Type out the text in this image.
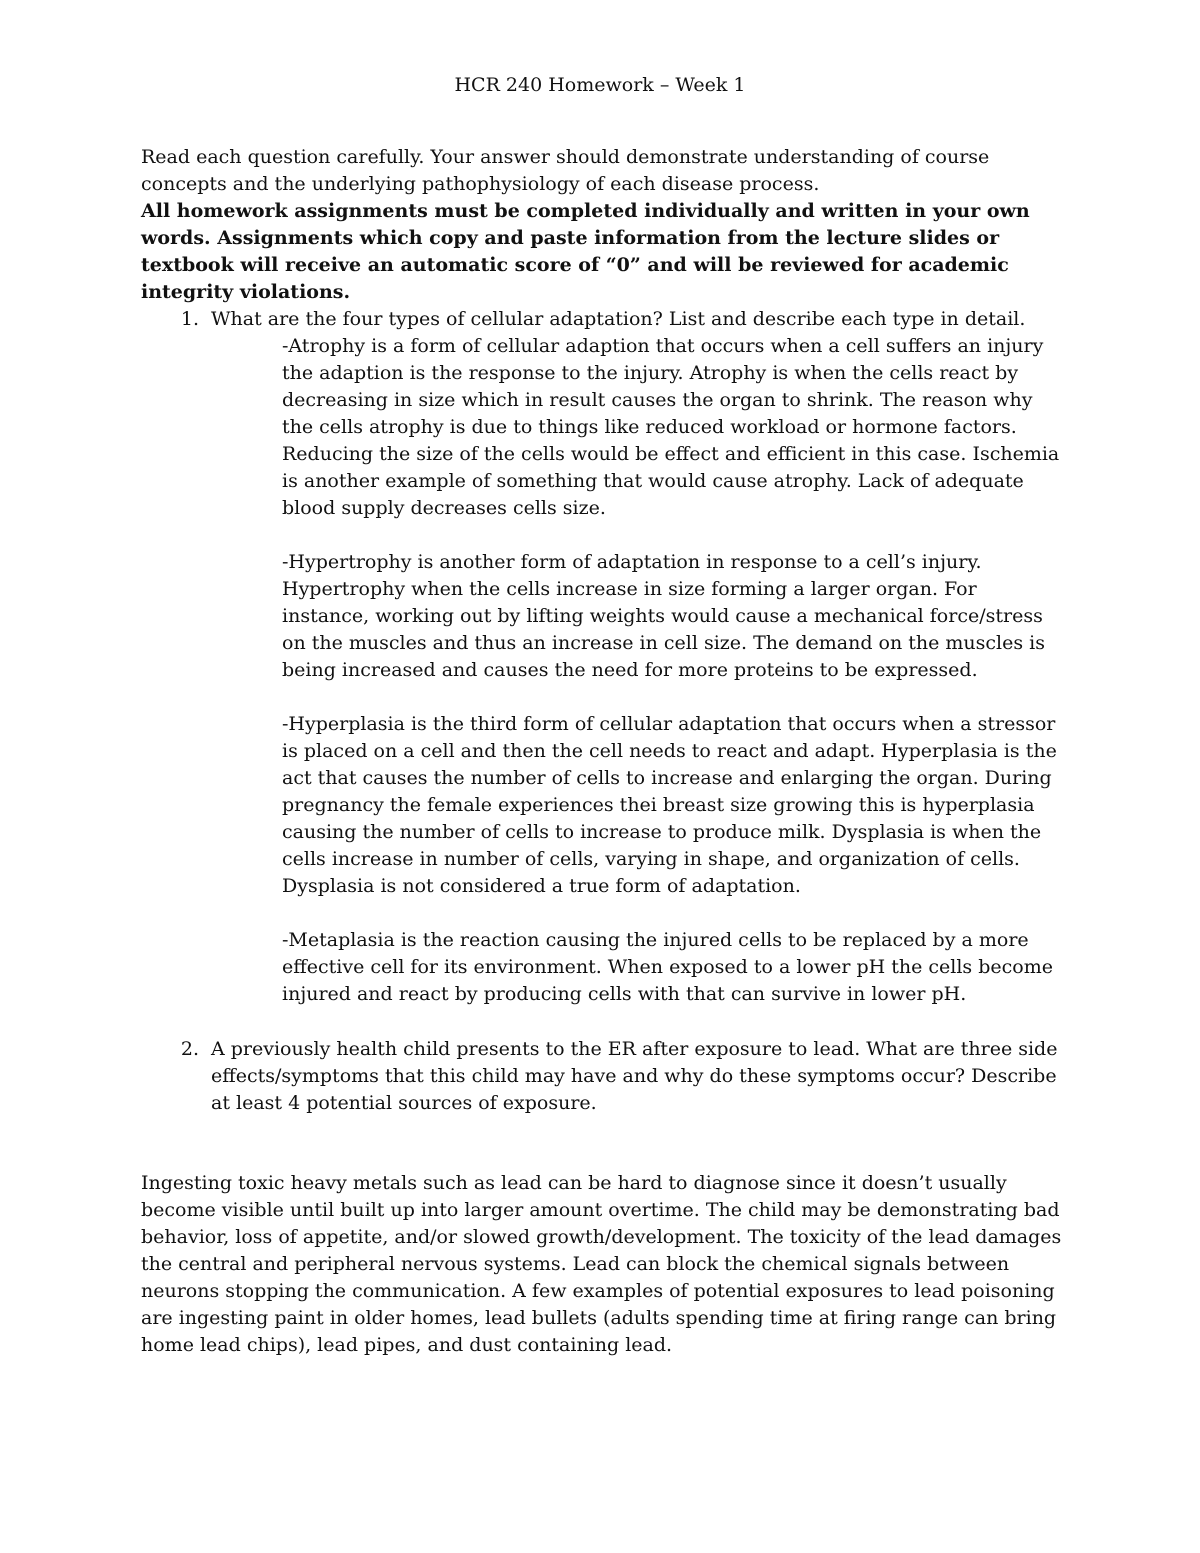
HCR 240 Homework – Week 1

Read each question carefully. Your answer should demonstrate understanding of course concepts and the underlying pathophysiology of each disease process.

All homework assignments must be completed individually and written in your own words. Assignments which copy and paste information from the lecture slides or textbook will receive an automatic score of “0” and will be reviewed for academic integrity violations.

1. What are the four types of cellular adaptation? List and describe each type in detail.

-Atrophy is a form of cellular adaption that occurs when a cell suffers an injury the adaption is the response to the injury. Atrophy is when the cells react by decreasing in size which in result causes the organ to shrink. The reason why the cells atrophy is due to things like reduced workload or hormone factors. Reducing the size of the cells would be effect and efficient in this case. Ischemia is another example of something that would cause atrophy. Lack of adequate blood supply decreases cells size.

-Hypertrophy is another form of adaptation in response to a cell’s injury. Hypertrophy when the cells increase in size forming a larger organ. For instance, working out by lifting weights would cause a mechanical force/stress on the muscles and thus an increase in cell size. The demand on the muscles is being increased and causes the need for more proteins to be expressed.

-Hyperplasia is the third form of cellular adaptation that occurs when a stressor is placed on a cell and then the cell needs to react and adapt. Hyperplasia is the act that causes the number of cells to increase and enlarging the organ. During pregnancy the female experiences thei breast size growing this is hyperplasia causing the number of cells to increase to produce milk. Dysplasia is when the cells increase in number of cells, varying in shape, and organization of cells. Dysplasia is not considered a true form of adaptation.

-Metaplasia is the reaction causing the injured cells to be replaced by a more effective cell for its environment. When exposed to a lower pH the cells become injured and react by producing cells with that can survive in lower pH.

2. A previously health child presents to the ER after exposure to lead. What are three side effects/symptoms that this child may have and why do these symptoms occur? Describe at least 4 potential sources of exposure.

Ingesting toxic heavy metals such as lead can be hard to diagnose since it doesn’t usually become visible until built up into larger amount overtime. The child may be demonstrating bad behavior, loss of appetite, and/or slowed growth/development. The toxicity of the lead damages the central and peripheral nervous systems. Lead can block the chemical signals between neurons stopping the communication. A few examples of potential exposures to lead poisoning are ingesting paint in older homes, lead bullets (adults spending time at firing range can bring home lead chips), lead pipes, and dust containing lead.
